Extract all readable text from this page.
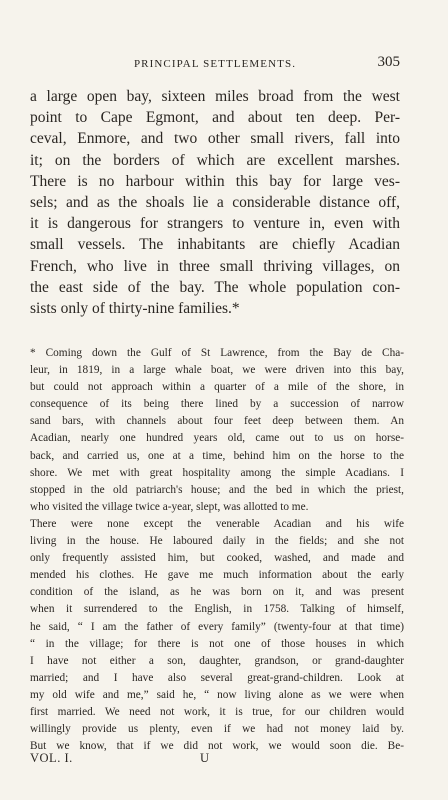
PRINCIPAL SETTLEMENTS.	305
a large open bay, sixteen miles broad from the west
point to Cape Egmont, and about ten deep. Per-
ceval, Enmore, and two other small rivers, fall into
it; on the borders of which are excellent marshes.
There is no harbour within this bay for large ves-
sels; and as the shoals lie a considerable distance off,
it is dangerous for strangers to venture in, even with
small vessels. The inhabitants are chiefly Acadian
French, who live in three small thriving villages, on
the east side of the bay. The whole population con-
sists only of thirty-nine families.*
* Coming down the Gulf of St Lawrence, from the Bay de Cha-
leur, in 1819, in a large whale boat, we were driven into this bay,
but could not approach within a quarter of a mile of the shore, in
consequence of its being there lined by a succession of narrow
sand bars, with channels about four feet deep between them. An
Acadian, nearly one hundred years old, came out to us on horse-
back, and carried us, one at a time, behind him on the horse to the
shore. We met with great hospitality among the simple Acadians. I
stopped in the old patriarch's house; and the bed in which the priest,
who visited the village twice a-year, slept, was allotted to me.
There were none except the venerable Acadian and his wife
living in the house. He laboured daily in the fields; and she not
only frequently assisted him, but cooked, washed, and made and
mended his clothes. He gave me much information about the early
condition of the island, as he was born on it, and was present
when it surrendered to the English, in 1758. Talking of himself,
he said, “ I am the father of every family” (twenty-four at that time)
“ in the village; for there is not one of those houses in which
I have not either a son, daughter, grandson, or grand-daughter
married; and I have also several great-grand-children. Look at
my old wife and me,” said he, “ now living alone as we were when
first married. We need not work, it is true, for our children would
willingly provide us plenty, even if we had not money laid by.
But we know, that if we did not work, we would soon die. Be-
VOL. I.	U
